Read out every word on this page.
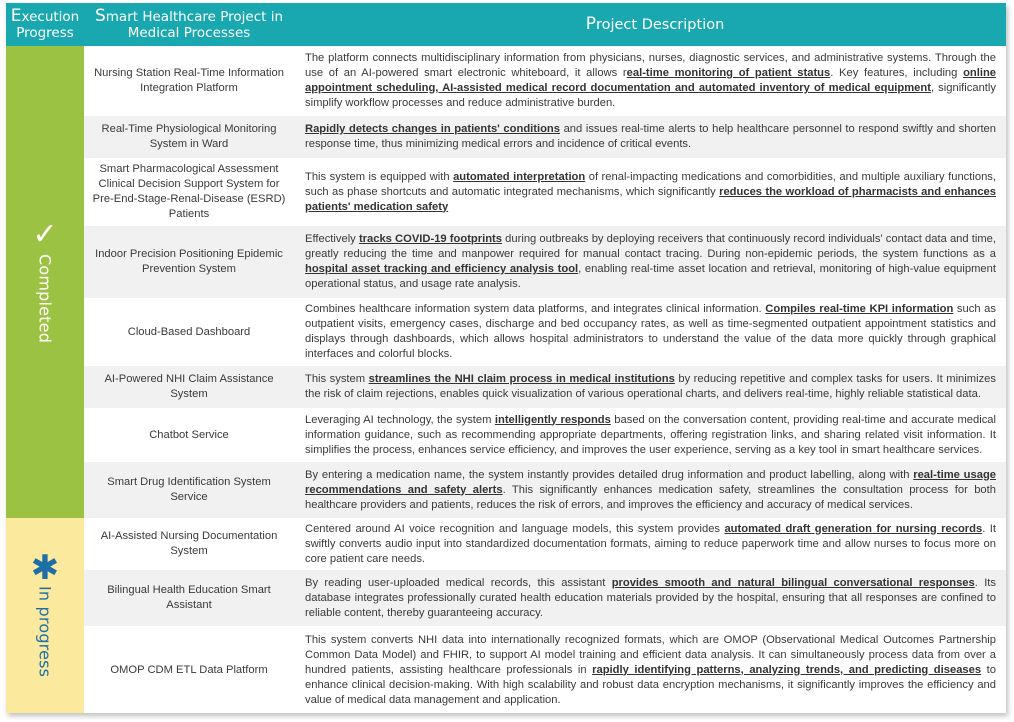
Execution
Progress
Smart Healthcare Project in
Medical Processes	Project Description
✓
Completed
✱
In progress
Nursing Station Real-Time Information Integration Platform

The platform connects multidisciplinary information from physicians, nurses, diagnostic services, and administrative systems. Through the use of an AI-powered smart electronic whiteboard, it allows real-time monitoring of patient status. Key features, including online appointment scheduling, AI-assisted medical record documentation and automated inventory of medical equipment, significantly simplify workflow processes and reduce administrative burden.

Real-Time Physiological Monitoring System in Ward

Rapidly detects changes in patients' conditions and issues real-time alerts to help healthcare personnel to respond swiftly and shorten response time, thus minimizing medical errors and incidence of critical events.

Smart Pharmacological Assessment Clinical Decision Support System for Pre-End-Stage-Renal-Disease (ESRD) Patients

This system is equipped with automated interpretation of renal-impacting medications and comorbidities, and multiple auxiliary functions, such as phase shortcuts and automatic integrated mechanisms, which significantly reduces the workload of pharmacists and enhances patients' medication safety

Indoor Precision Positioning Epidemic Prevention System

Effectively tracks COVID-19 footprints during outbreaks by deploying receivers that continuously record individuals' contact data and time, greatly reducing the time and manpower required for manual contact tracing. During non-epidemic periods, the system functions as a hospital asset tracking and efficiency analysis tool, enabling real-time asset location and retrieval, monitoring of high-value equipment operational status, and usage rate analysis.

Cloud-Based Dashboard

Combines healthcare information system data platforms, and integrates clinical information. Compiles real-time KPI information such as outpatient visits, emergency cases, discharge and bed occupancy rates, as well as time-segmented outpatient appointment statistics and displays through dashboards, which allows hospital administrators to understand the value of the data more quickly through graphical interfaces and colorful blocks.

AI-Powered NHI Claim Assistance System

This system streamlines the NHI claim process in medical institutions by reducing repetitive and complex tasks for users. It minimizes the risk of claim rejections, enables quick visualization of various operational charts, and delivers real-time, highly reliable statistical data.

Chatbot Service

Leveraging AI technology, the system intelligently responds based on the conversation content, providing real-time and accurate medical information guidance, such as recommending appropriate departments, offering registration links, and sharing related visit information. It simplifies the process, enhances service efficiency, and improves the user experience, serving as a key tool in smart healthcare services.

Smart Drug Identification System Service

By entering a medication name, the system instantly provides detailed drug information and product labelling, along with real-time usage recommendations and safety alerts. This significantly enhances medication safety, streamlines the consultation process for both healthcare providers and patients, reduces the risk of errors, and improves the efficiency and accuracy of medical services.

AI-Assisted Nursing Documentation System

Centered around AI voice recognition and language models, this system provides automated draft generation for nursing records. It swiftly converts audio input into standardized documentation formats, aiming to reduce paperwork time and allow nurses to focus more on core patient care needs.

Bilingual Health Education Smart Assistant

By reading user-uploaded medical records, this assistant provides smooth and natural bilingual conversational responses. Its database integrates professionally curated health education materials provided by the hospital, ensuring that all responses are confined to reliable content, thereby guaranteeing accuracy.

OMOP CDM ETL Data Platform

This system converts NHI data into internationally recognized formats, which are OMOP (Observational Medical Outcomes Partnership Common Data Model) and FHIR, to support AI model training and efficient data analysis. It can simultaneously process data from over a hundred patients, assisting healthcare professionals in rapidly identifying patterns, analyzing trends, and predicting diseases to enhance clinical decision-making. With high scalability and robust data encryption mechanisms, it significantly improves the efficiency and value of medical data management and application.
